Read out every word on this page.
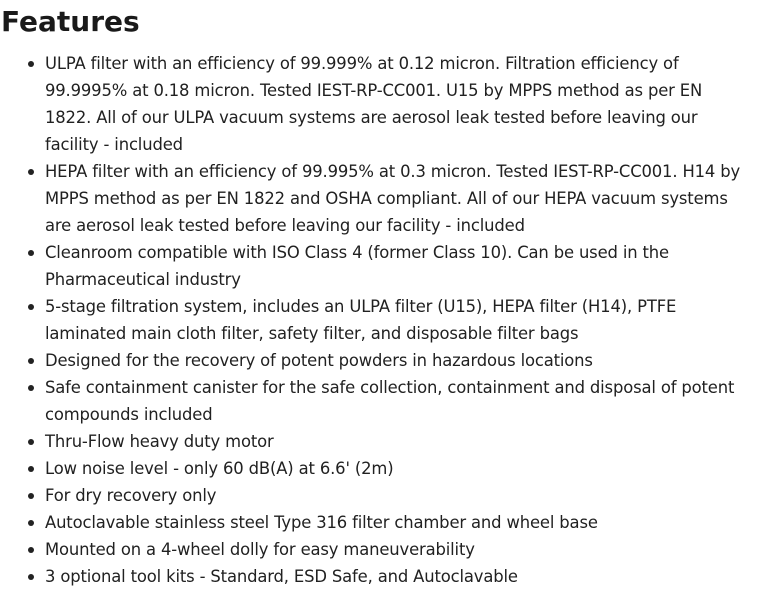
Features
ULPA filter with an efficiency of 99.999% at 0.12 micron. Filtration efficiency of 99.9995% at 0.18 micron. Tested IEST-RP-CC001. U15 by MPPS method as per EN 1822. All of our ULPA vacuum systems are aerosol leak tested before leaving our facility - included
HEPA filter with an efficiency of 99.995% at 0.3 micron. Tested IEST-RP-CC001. H14 by MPPS method as per EN 1822 and OSHA compliant. All of our HEPA vacuum systems are aerosol leak tested before leaving our facility - included
Cleanroom compatible with ISO Class 4 (former Class 10). Can be used in the Pharmaceutical industry
5-stage filtration system, includes an ULPA filter (U15), HEPA filter (H14), PTFE laminated main cloth filter, safety filter, and disposable filter bags
Designed for the recovery of potent powders in hazardous locations
Safe containment canister for the safe collection, containment and disposal of potent compounds included
Thru-Flow heavy duty motor
Low noise level - only 60 dB(A) at 6.6' (2m)
For dry recovery only
Autoclavable stainless steel Type 316 filter chamber and wheel base
Mounted on a 4-wheel dolly for easy maneuverability
3 optional tool kits - Standard, ESD Safe, and Autoclavable
